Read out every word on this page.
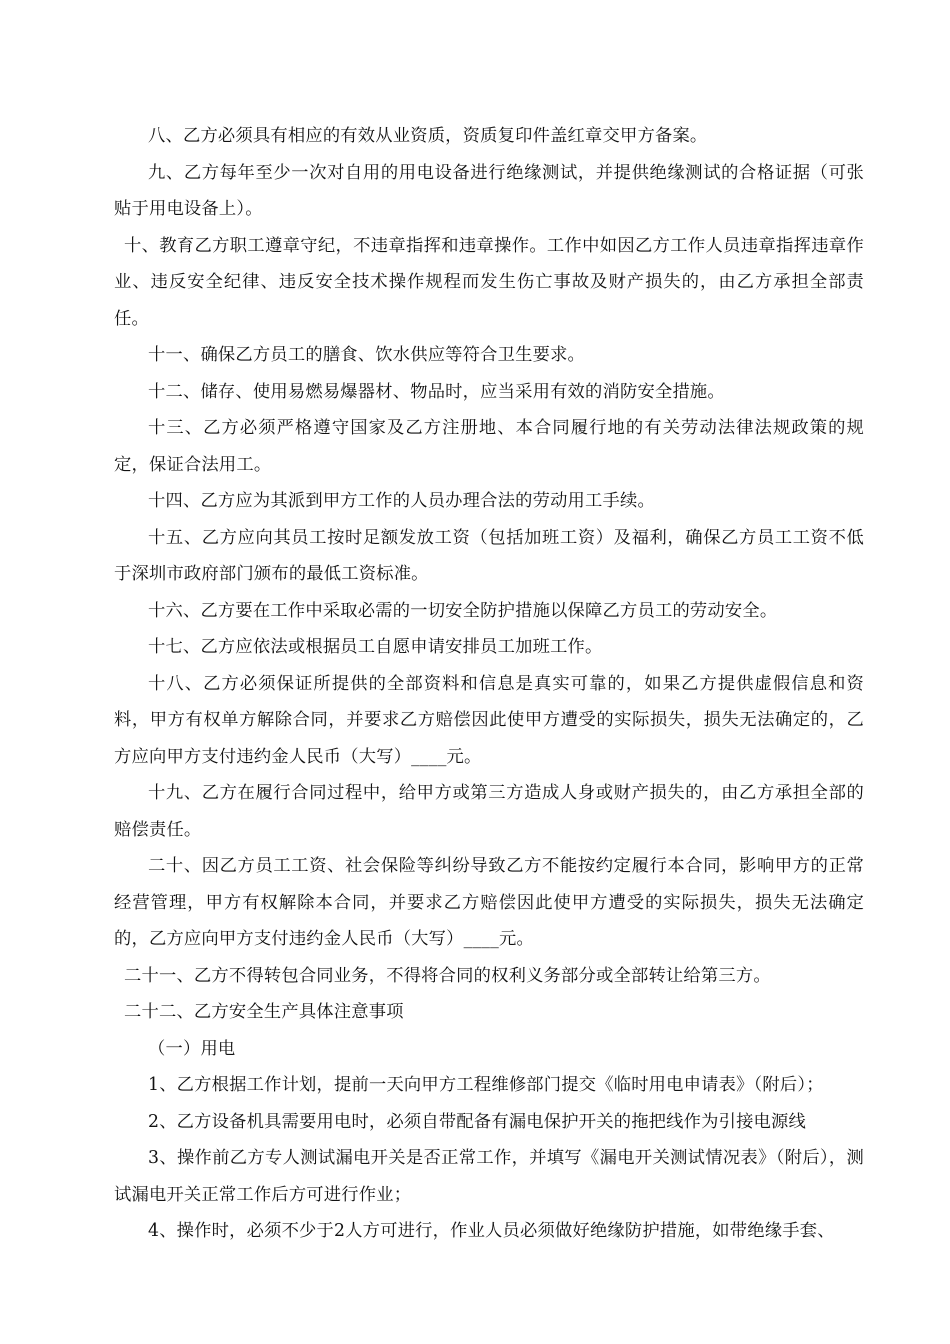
八、乙方必须具有相应的有效从业资质，资质复印件盖红章交甲方备案。

九、乙方每年至少一次对自用的用电设备进行绝缘测试，并提供绝缘测试的合格证据（可张贴于用电设备上）。

十、教育乙方职工遵章守纪，不违章指挥和违章操作。工作中如因乙方工作人员违章指挥违章作业、违反安全纪律、违反安全技术操作规程而发生伤亡事故及财产损失的，由乙方承担全部责任。

十一、确保乙方员工的膳食、饮水供应等符合卫生要求。

十二、储存、使用易燃易爆器材、物品时，应当采用有效的消防安全措施。

十三、乙方必须严格遵守国家及乙方注册地、本合同履行地的有关劳动法律法规政策的规定，保证合法用工。

十四、乙方应为其派到甲方工作的人员办理合法的劳动用工手续。

十五、乙方应向其员工按时足额发放工资（包括加班工资）及福利，确保乙方员工工资不低于深圳市政府部门颁布的最低工资标准。

十六、乙方要在工作中采取必需的一切安全防护措施以保障乙方员工的劳动安全。

十七、乙方应依法或根据员工自愿申请安排员工加班工作。

十八、乙方必须保证所提供的全部资料和信息是真实可靠的，如果乙方提供虚假信息和资料，甲方有权单方解除合同，并要求乙方赔偿因此使甲方遭受的实际损失，损失无法确定的，乙方应向甲方支付违约金人民币（大写）____元。

十九、乙方在履行合同过程中，给甲方或第三方造成人身或财产损失的，由乙方承担全部的赔偿责任。

二十、因乙方员工工资、社会保险等纠纷导致乙方不能按约定履行本合同，影响甲方的正常经营管理，甲方有权解除本合同，并要求乙方赔偿因此使甲方遭受的实际损失，损失无法确定的，乙方应向甲方支付违约金人民币（大写）____元。

二十一、乙方不得转包合同业务，不得将合同的权利义务部分或全部转让给第三方。

二十二、乙方安全生产具体注意事项

（一）用电

1、乙方根据工作计划，提前一天向甲方工程维修部门提交《临时用电申请表》（附后）；

2、乙方设备机具需要用电时，必须自带配备有漏电保护开关的拖把线作为引接电源线

3、操作前乙方专人测试漏电开关是否正常工作，并填写《漏电开关测试情况表》（附后），测试漏电开关正常工作后方可进行作业；

4、操作时，必须不少于2人方可进行，作业人员必须做好绝缘防护措施，如带绝缘手套、
